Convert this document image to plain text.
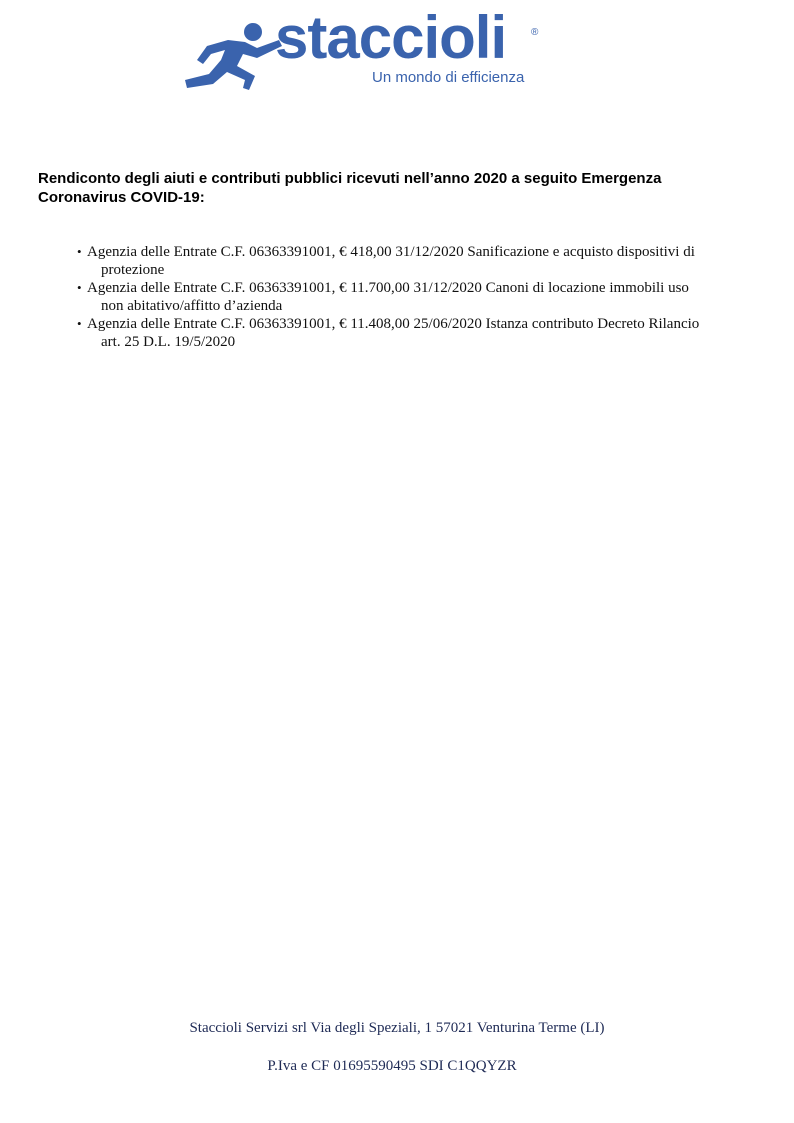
staccioli ®
Un mondo di efficienza
Rendiconto degli aiuti e contributi pubblici ricevuti nell’anno 2020 a seguito Emergenza Coronavirus COVID-19:
• Agenzia delle Entrate C.F. 06363391001, € 418,00 31/12/2020 Sanificazione e acquisto dispositivi di
protezione
• Agenzia delle Entrate C.F. 06363391001, € 11.700,00 31/12/2020 Canoni di locazione immobili uso
non abitativo/affitto d’azienda
• Agenzia delle Entrate C.F. 06363391001, € 11.408,00 25/06/2020 Istanza contributo Decreto Rilancio
art. 25 D.L. 19/5/2020
Staccioli Servizi srl Via degli Speziali, 1 57021 Venturina Terme (LI)
P.Iva e CF 01695590495 SDI C1QQYZR
